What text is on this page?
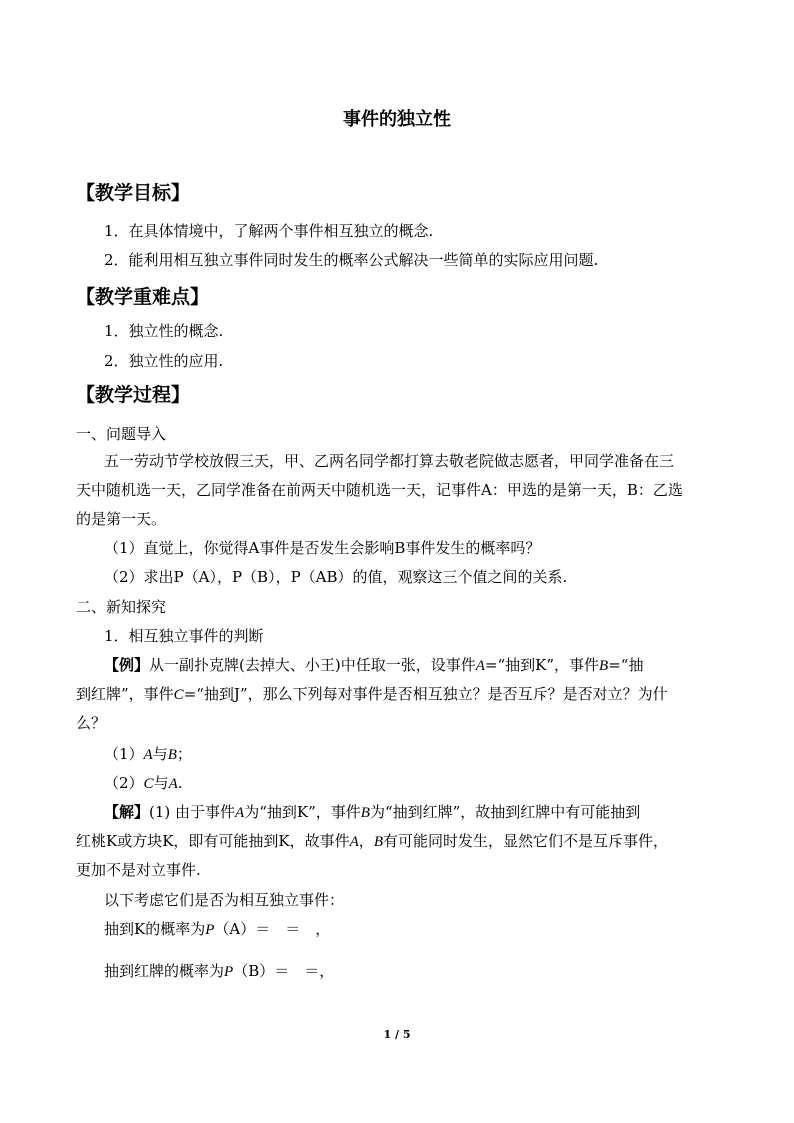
事件的独立性
【教学目标】
1．在具体情境中，了解两个事件相互独立的概念.
2．能利用相互独立事件同时发生的概率公式解决一些简单的实际应用问题.
【教学重难点】
1．独立性的概念.
2．独立性的应用.
【教学过程】
一、问题导入
五一劳动节学校放假三天，甲、乙两名同学都打算去敬老院做志愿者，甲同学准备在三
天中随机选一天，乙同学准备在前两天中随机选一天，记事件A：甲选的是第一天，B：乙选
的是第一天。
（1）直觉上，你觉得A事件是否发生会影响B事件发生的概率吗？
（2）求出P（A），P（B），P（AB）的值，观察这三个值之间的关系.
二、新知探究
1．相互独立事件的判断
【例】从一副扑克牌(去掉大、小王)中任取一张，设事件A=“抽到K”，事件B=“抽
到红牌”，事件C=“抽到J”，那么下列每对事件是否相互独立？是否互斥？是否对立？为什
么？
（1）A与B；
（2）C与A.
【解】(1) 由于事件A为“抽到K”，事件B为“抽到红牌”，故抽到红牌中有可能抽到
红桃K或方块K，即有可能抽到K，故事件A，B有可能同时发生，显然它们不是互斥事件，
更加不是对立事件.
以下考虑它们是否为相互独立事件：
抽到K的概率为P（A）＝　＝　，
抽到红牌的概率为P（B）＝　＝，
1 / 5
